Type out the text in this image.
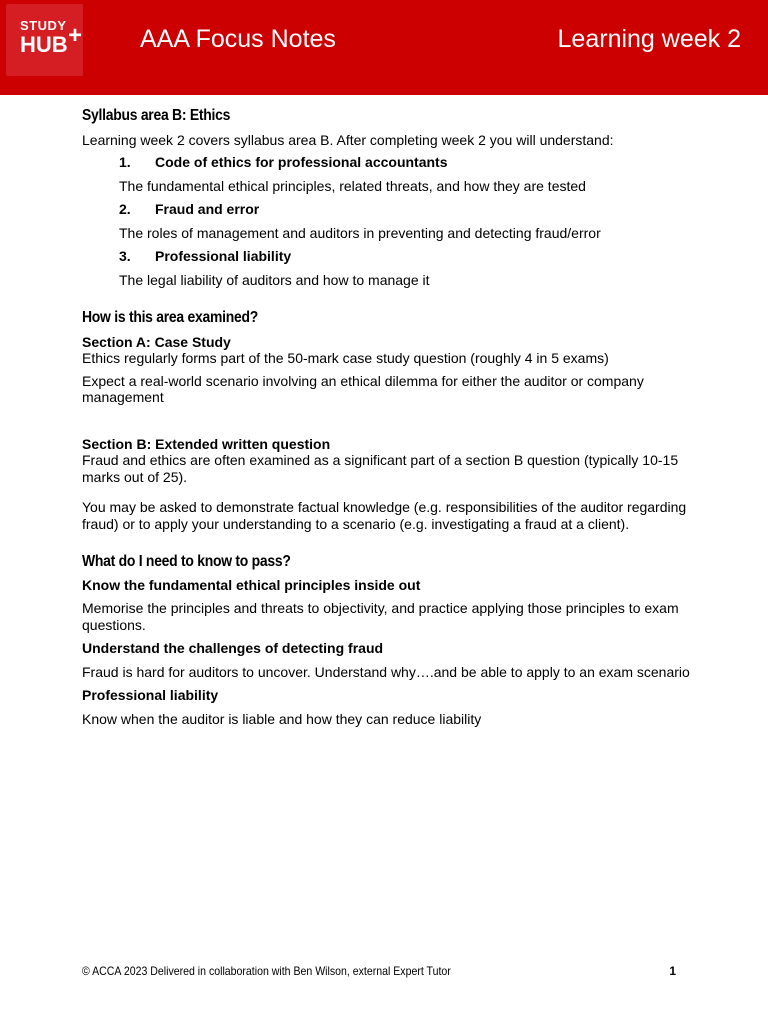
STUDY
HUB + AAA Focus Notes	Learning week 2
Syllabus area B: Ethics
Learning week 2 covers syllabus area B. After completing week 2 you will understand:
1. Code of ethics for professional accountants
The fundamental ethical principles, related threats, and how they are tested
2. Fraud and error
The roles of management and auditors in preventing and detecting fraud/error
3. Professional liability
The legal liability of auditors and how to manage it
How is this area examined?
Section A: Case Study
Ethics regularly forms part of the 50-mark case study question (roughly 4 in 5 exams)
Expect a real-world scenario involving an ethical dilemma for either the auditor or company management
Section B: Extended written question
Fraud and ethics are often examined as a significant part of a section B question (typically 10-15 marks out of 25).
You may be asked to demonstrate factual knowledge (e.g. responsibilities of the auditor regarding fraud) or to apply your understanding to a scenario (e.g. investigating a fraud at a client).
What do I need to know to pass?
Know the fundamental ethical principles inside out
Memorise the principles and threats to objectivity, and practice applying those principles to exam questions.
Understand the challenges of detecting fraud
Fraud is hard for auditors to uncover. Understand why….and be able to apply to an exam scenario
Professional liability
Know when the auditor is liable and how they can reduce liability
© ACCA 2023 Delivered in collaboration with Ben Wilson, external Expert Tutor	1
